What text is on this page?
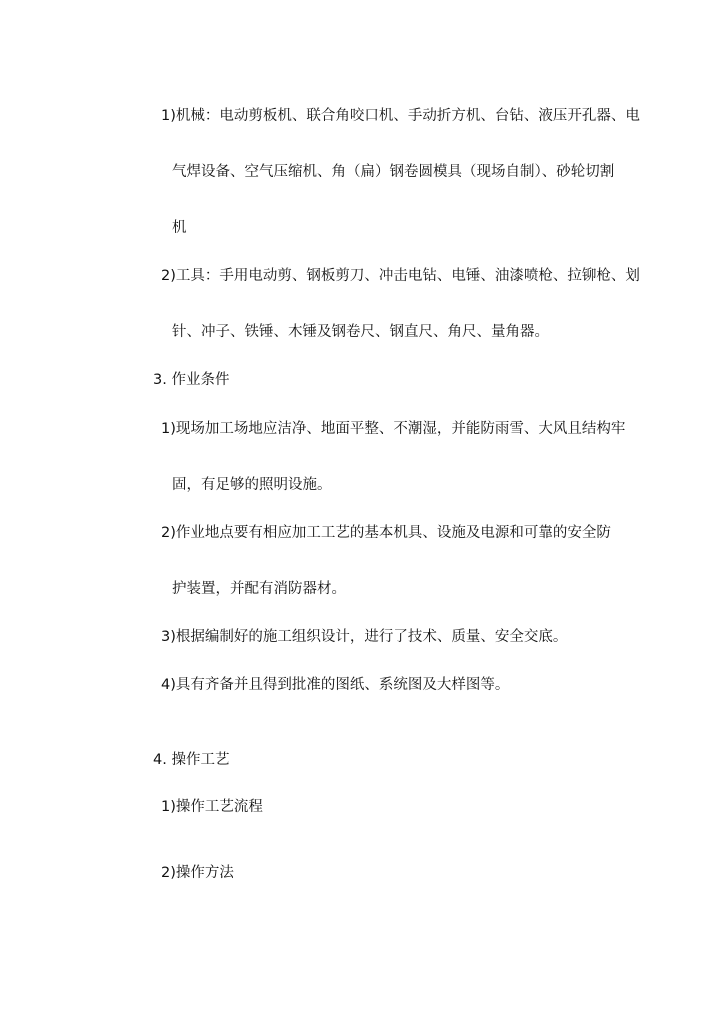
1)机械：电动剪板机、联合角咬口机、手动折方机、台钻、液压开孔器、电
气焊设备、空气压缩机、角（扁）钢卷圆模具（现场自制）、砂轮切割
机
2)工具：手用电动剪、钢板剪刀、冲击电钻、电锤、油漆喷枪、拉铆枪、划
针、冲子、铁锤、木锤及钢卷尺、钢直尺、角尺、量角器。
3. 作业条件
1)现场加工场地应洁净、地面平整、不潮湿，并能防雨雪、大风且结构牢
固，有足够的照明设施。
2)作业地点要有相应加工工艺的基本机具、设施及电源和可靠的安全防
护装置，并配有消防器材。
3)根据编制好的施工组织设计，进行了技术、质量、安全交底。
4)具有齐备并且得到批准的图纸、系统图及大样图等。
4. 操作工艺
1)操作工艺流程
2)操作方法
